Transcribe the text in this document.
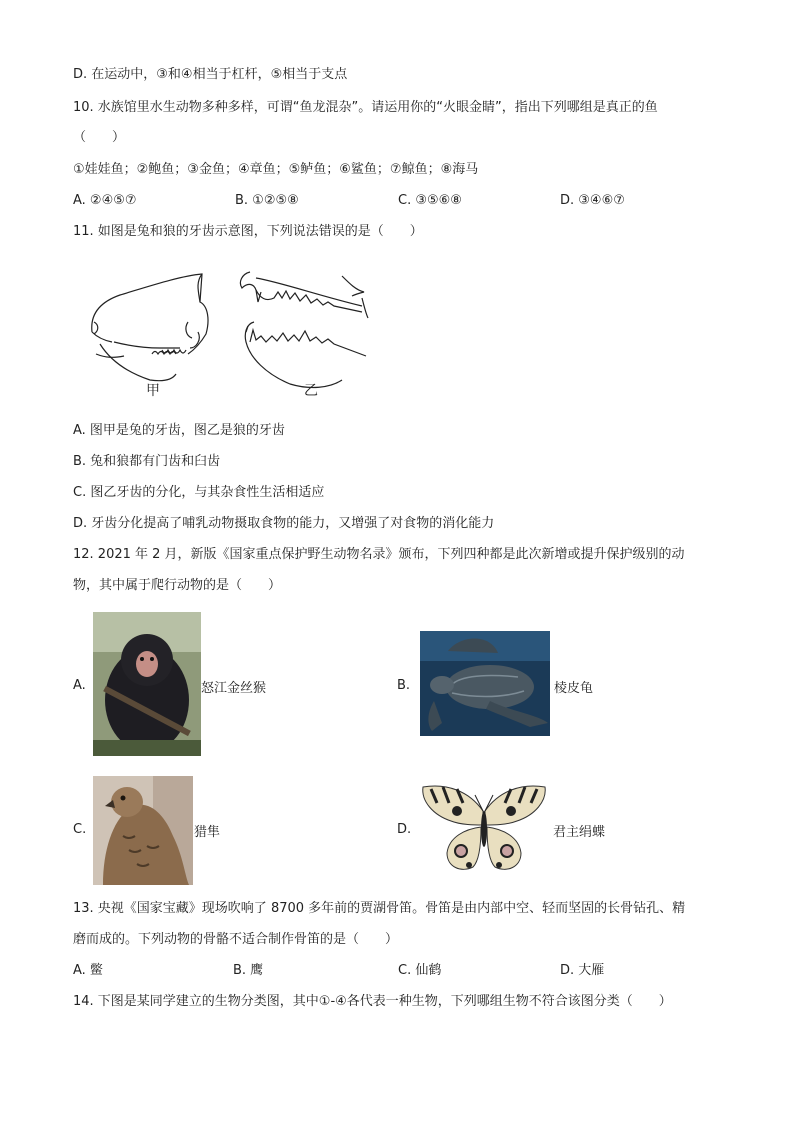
D. 在运动中，③和④相当于杠杆，⑤相当于支点
10. 水族馆里水生动物多种多样，可谓“鱼龙混杂”。请运用你的“火眼金睛”，指出下列哪组是真正的鱼
（　　）
①娃娃鱼；②鲍鱼；③金鱼；④章鱼；⑤鲈鱼；⑥鲨鱼；⑦鲸鱼；⑧海马
A. ②④⑤⑦	B. ①②⑤⑧	C. ③⑤⑥⑧	D. ③④⑥⑦
11. 如图是兔和狼的牙齿示意图，下列说法错误的是（　　）
甲	乙
A. 图甲是兔的牙齿，图乙是狼的牙齿
B. 兔和狼都有门齿和臼齿
C. 图乙牙齿的分化，与其杂食性生活相适应
D. 牙齿分化提高了哺乳动物摄取食物的能力，又增强了对食物的消化能力
12. 2021 年 2 月，新版《国家重点保护野生动物名录》颁布，下列四种都是此次新增或提升保护级别的动
物，其中属于爬行动物的是（　　）
A.	怒江金丝猴	B.	棱皮龟
C.	猎隼	D.	君主绢蝶
13. 央视《国家宝藏》现场吹响了 8700 多年前的贾湖骨笛。骨笛是由内部中空、轻而坚固的长骨钻孔、精
磨而成的。下列动物的骨骼不适合制作骨笛的是（　　）
A. 鳖	B. 鹰	C. 仙鹤	D. 大雁
14. 下图是某同学建立的生物分类图，其中①-④各代表一种生物，下列哪组生物不符合该图分类（　　）
